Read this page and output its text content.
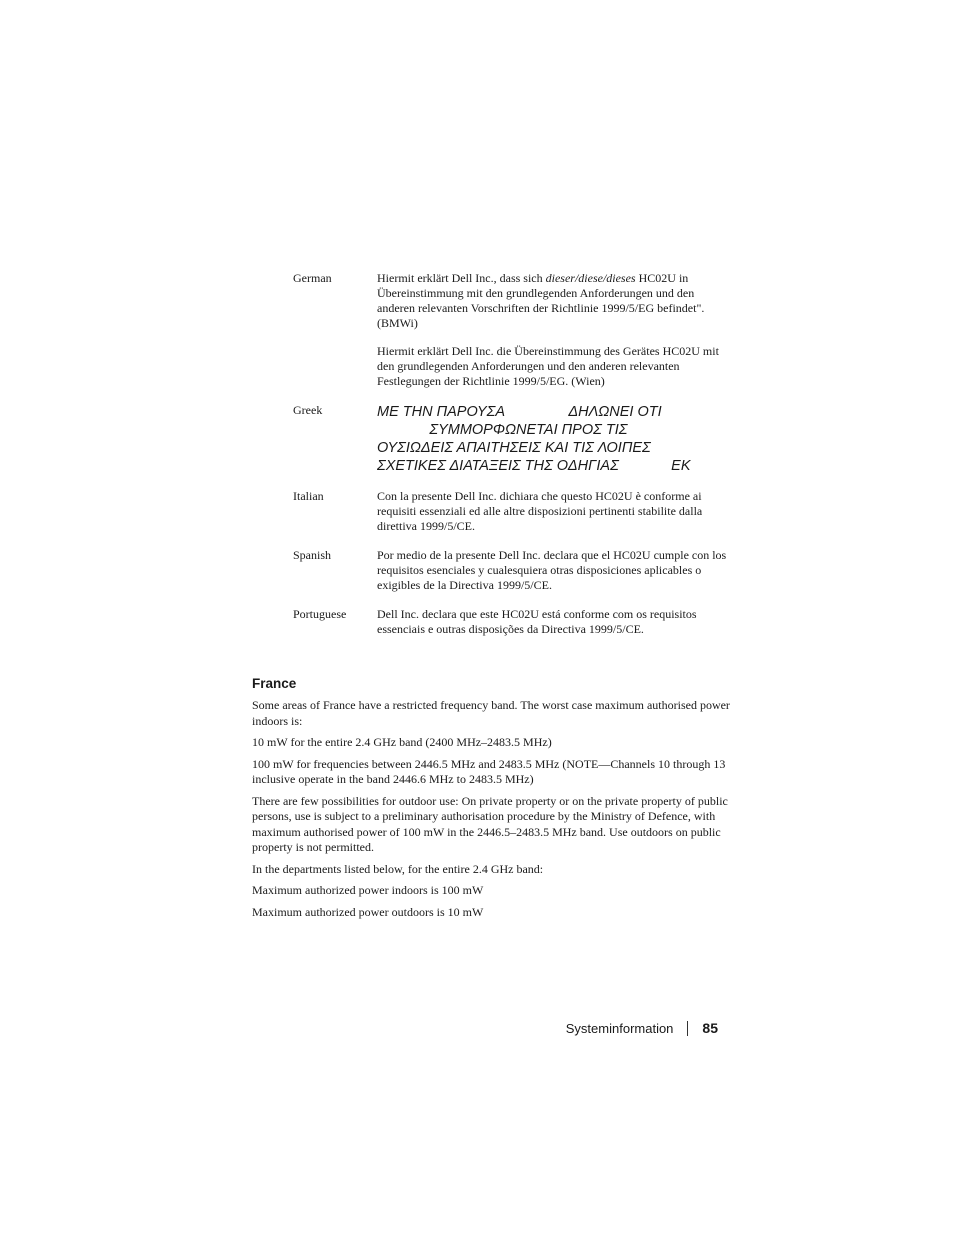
German	Hiermit erklärt Dell Inc., dass sich dieser/diese/dieses HC02U in Übereinstimmung mit den grundlegenden Anforderungen und den anderen relevanten Vorschriften der Richtlinie 1999/5/EG befindet". (BMWi)

Hiermit erklärt Dell Inc. die Übereinstimmung des Gerätes HC02U mit den grundlegenden Anforderungen und den anderen relevanten Festlegungen der Richtlinie 1999/5/EG. (Wien)

Greek	ΜΕ ΤΗΝ ΠΑΡΟΥΣΑ                ΔΗΛΩΝΕΙ ΟΤΙ
ΣΥΜΜΟΡΦΩΝΕΤΑΙ ΠΡΟΣ ΤΙΣ
ΟΥΣΙΩΔΕΙΣ ΑΠΑΙΤΗΣΕΙΣ ΚΑΙ ΤΙΣ ΛΟΙΠΕΣ
ΣΧΕΤΙΚΕΣ ΔΙΑΤΑΞΕΙΣ ΤΗΣ ΟΔΗΓΙΑΣ             ΕΚ
Italian	Con la presente Dell Inc. dichiara che questo HC02U è conforme ai requisiti essenziali ed alle altre disposizioni pertinenti stabilite dalla direttiva 1999/5/CE.
Spanish	Por medio de la presente Dell Inc. declara que el HC02U cumple con los requisitos esenciales y cualesquiera otras disposiciones aplicables o exigibles de la Directiva 1999/5/CE.
Portuguese	Dell Inc. declara que este HC02U está conforme com os requisitos essenciais e outras disposições da Directiva 1999/5/CE.
France

Some areas of France have a restricted frequency band. The worst case maximum authorised power indoors is:

10 mW for the entire 2.4 GHz band (2400 MHz–2483.5 MHz)

100 mW for frequencies between 2446.5 MHz and 2483.5 MHz (NOTE—Channels 10 through 13 inclusive operate in the band 2446.6 MHz to 2483.5 MHz)

There are few possibilities for outdoor use: On private property or on the private property of public persons, use is subject to a preliminary authorisation procedure by the Ministry of Defence, with maximum authorised power of 100 mW in the 2446.5–2483.5 MHz band. Use outdoors on public property is not permitted.

In the departments listed below, for the entire 2.4 GHz band:

Maximum authorized power indoors is 100 mW

Maximum authorized power outdoors is 10 mW

Systeminformation 85
